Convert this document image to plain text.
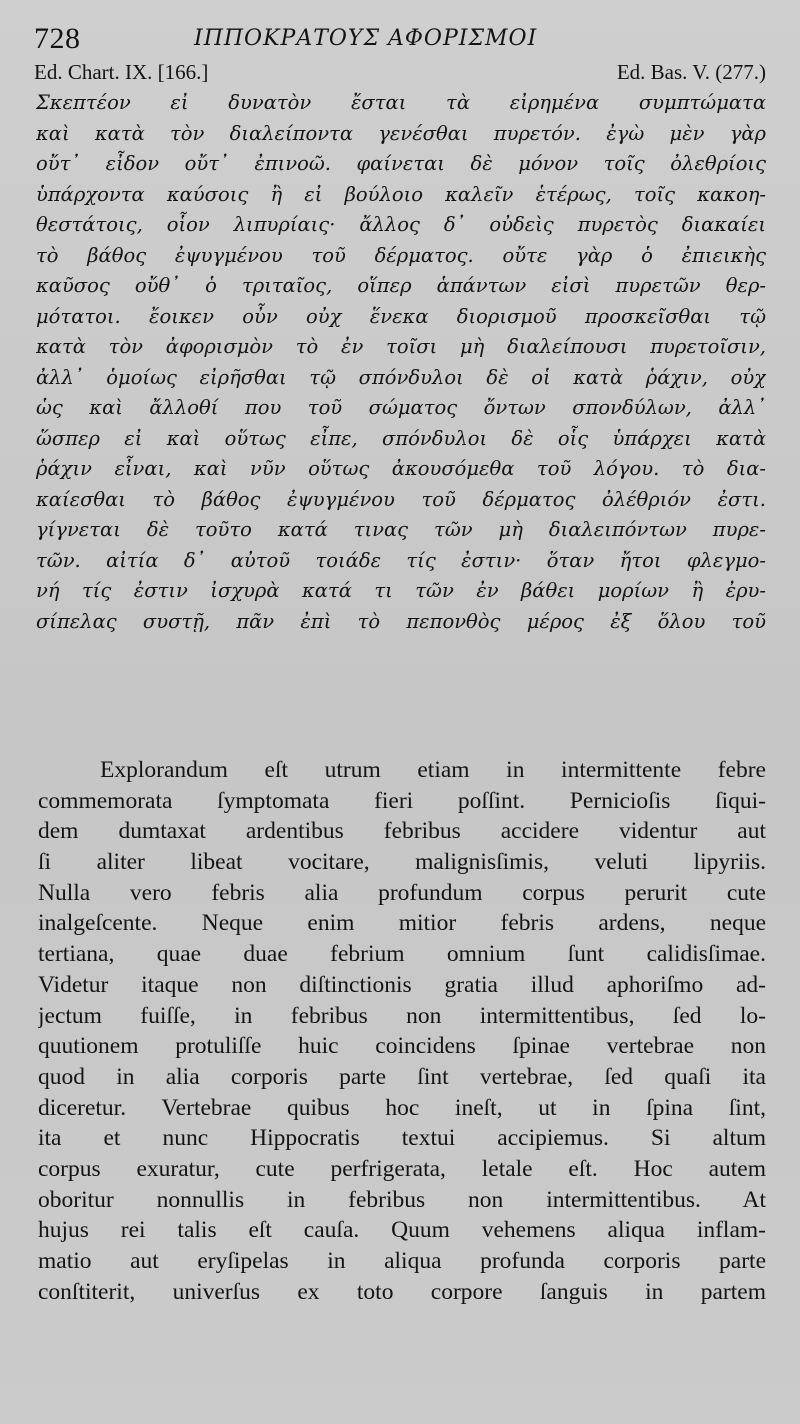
728	ΙΠΠΟΚΡΑΤΟΥΣ ΑΦΟΡΙΣΜΟΙ
Ed. Chart. IX. [166.]	Ed. Bas. V. (277.)
Σκεπτέον εἰ δυνατὸν ἔσται τὰ εἰρημένα συμπτώματα
καὶ κατὰ τὸν διαλείποντα γενέσθαι πυρετόν. ἐγὼ μὲν γὰρ
οὔτ᾽ εἶδον οὔτ᾽ ἐπινοῶ. φαίνεται δὲ μόνον τοῖς ὀλεθρίοις
ὑπάρχοντα καύσοις ἢ εἰ βούλοιο καλεῖν ἑτέρως, τοῖς κακοη-
θεστάτοις, οἷον λιπυρίαις· ἄλλος δ᾽ οὐδεὶς πυρετὸς διακαίει
τὸ βάθος ἐψυγμένου τοῦ δέρματος. οὔτε γὰρ ὁ ἐπιεικὴς
καῦσος οὔθ᾽ ὁ τριταῖος, οἵπερ ἁπάντων εἰσὶ πυρετῶν θερ-
μότατοι. ἔοικεν οὖν οὐχ ἕνεκα διορισμοῦ προσκεῖσθαι τῷ
κατὰ τὸν ἀφορισμὸν τὸ ἐν τοῖσι μὴ διαλείπουσι πυρετοῖσιν,
ἀλλ᾽ ὁμοίως εἰρῆσθαι τῷ σπόνδυλοι δὲ οἱ κατὰ ῥάχιν, οὐχ
ὡς καὶ ἄλλοθί που τοῦ σώματος ὄντων σπονδύλων, ἀλλ᾽
ὥσπερ εἰ καὶ οὕτως εἶπε, σπόνδυλοι δὲ οἷς ὑπάρχει κατὰ
ῥάχιν εἶναι, καὶ νῦν οὕτως ἀκουσόμεθα τοῦ λόγου. τὸ δια-
καίεσθαι τὸ βάθος ἐψυγμένου τοῦ δέρματος ὀλέθριόν ἐστι.
γίγνεται δὲ τοῦτο κατά τινας τῶν μὴ διαλειπόντων πυρε-
τῶν. αἰτία δ᾽ αὐτοῦ τοιάδε τίς ἐστιν· ὅταν ἤτοι φλεγμο-
νή τίς ἐστιν ἰσχυρὰ κατά τι τῶν ἐν βάθει μορίων ἢ ἐρυ-
σίπελας συστῇ, πᾶν ἐπὶ τὸ πεπονθὸς μέρος ἐξ ὅλου τοῦ
Explorandum eſt utrum etiam in intermittente febre
commemorata ſymptomata fieri poſſint. Pernicioſis ſiqui-
dem dumtaxat ardentibus febribus accidere videntur aut
ſi aliter libeat vocitare, malignisſimis, veluti lipyriis.
Nulla vero febris alia profundum corpus perurit cute
inalgeſcente. Neque enim mitior febris ardens, neque
tertiana, quae duae febrium omnium ſunt calidisſimae.
Videtur itaque non diſtinctionis gratia illud aphoriſmo ad-
jectum fuiſſe, in febribus non intermittentibus, ſed lo-
quutionem protuliſſe huic coincidens ſpinae vertebrae non
quod in alia corporis parte ſint vertebrae, ſed quaſi ita
diceretur. Vertebrae quibus hoc ineſt, ut in ſpina ſint,
ita et nunc Hippocratis textui accipiemus. Si altum
corpus exuratur, cute perfrigerata, letale eſt. Hoc autem
oboritur nonnullis in febribus non intermittentibus. At
hujus rei talis eſt cauſa. Quum vehemens aliqua inflam-
matio aut eryſipelas in aliqua profunda corporis parte
conſtiterit, univerſus ex toto corpore ſanguis in partem
